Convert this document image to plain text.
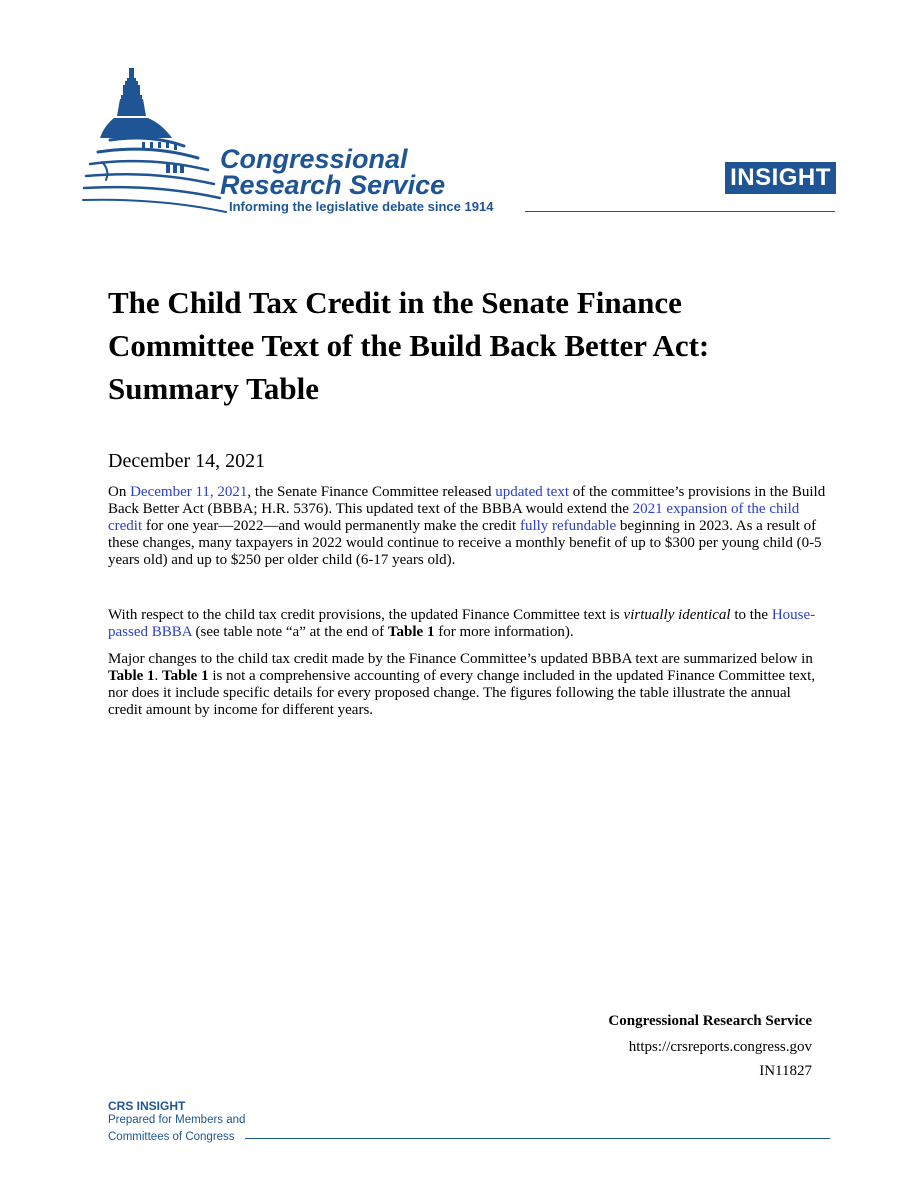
Congressional
Research Service
Informing the legislative debate since 1914
INSIGHT
The Child Tax Credit in the Senate Finance Committee Text of the Build Back Better Act: Summary Table
December 14, 2021

On December 11, 2021, the Senate Finance Committee released updated text of the committee’s provisions in the Build Back Better Act (BBBA; H.R. 5376). This updated text of the BBBA would extend the 2021 expansion of the child credit for one year—2022—and would permanently make the credit fully refundable beginning in 2023. As a result of these changes, many taxpayers in 2022 would continue to receive a monthly benefit of up to $300 per young child (0-5 years old) and up to $250 per older child (6-17 years old).

With respect to the child tax credit provisions, the updated Finance Committee text is virtually identical to the House-passed BBBA (see table note “a” at the end of Table 1 for more information).

Major changes to the child tax credit made by the Finance Committee’s updated BBBA text are summarized below in Table 1. Table 1 is not a comprehensive accounting of every change included in the updated Finance Committee text, nor does it include specific details for every proposed change. The figures following the table illustrate the annual credit amount by income for different years.

Congressional Research Service
https://crsreports.congress.gov
IN11827
CRS INSIGHT
Prepared for Members and
Committees of Congress
